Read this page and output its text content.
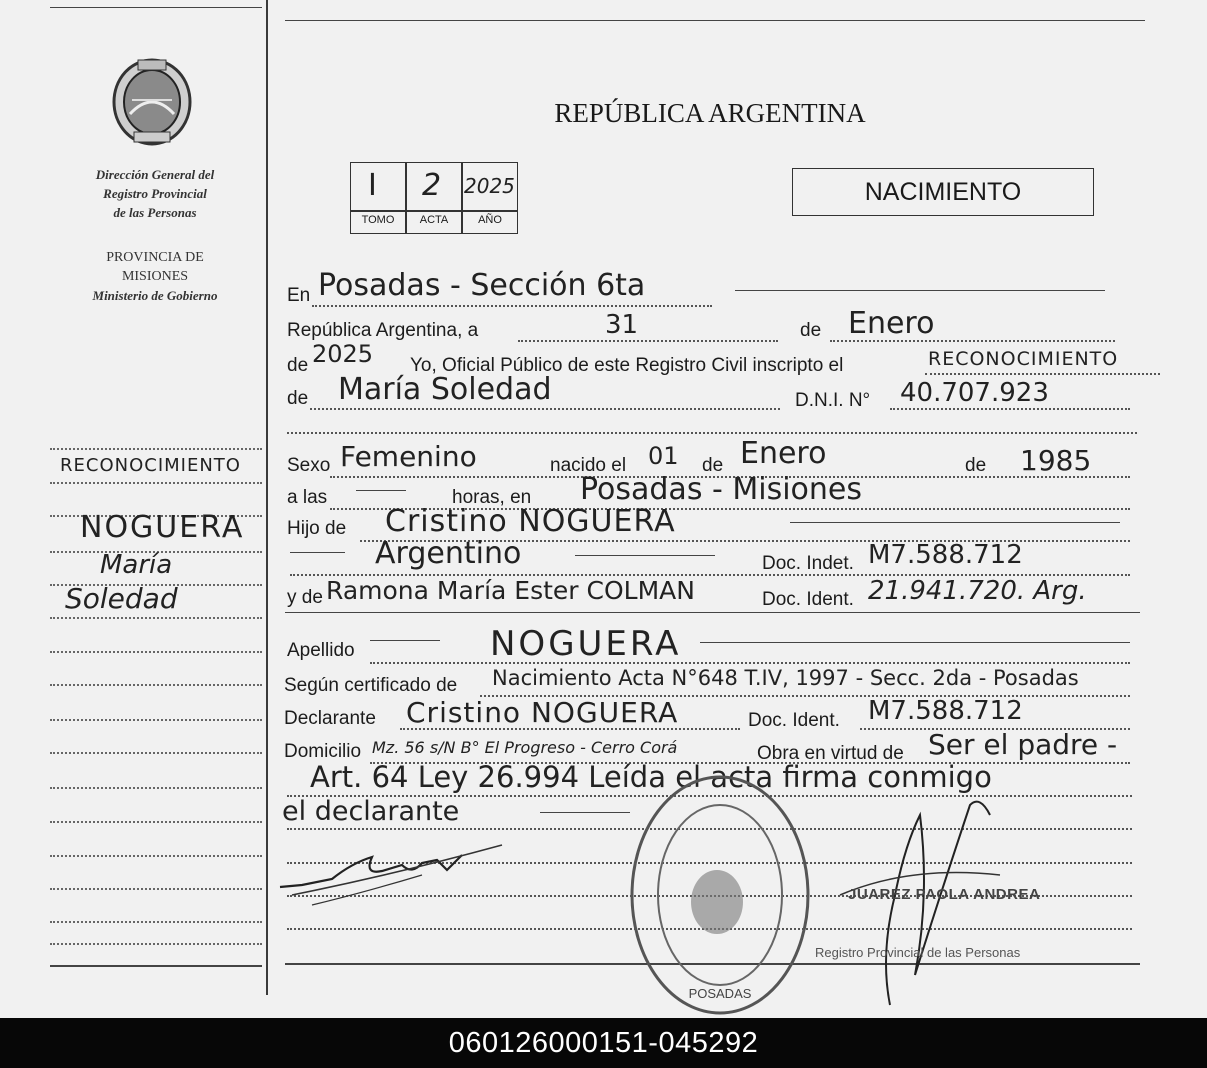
Dirección General del
Registro Provincial
de las Personas
PROVINCIA DE
MISIONES
Ministerio de Gobierno
RECONOCIMIENTO
NOGUERA
María
Soledad
REPÚBLICA ARGENTINA
I 2 2025
TOMO	ACTA	AÑO
NACIMIENTO
En Posadas - Sección 6ta
República Argentina, a	31	de Enero
de 2025 Yo, Oficial Público de este Registro Civil inscripto el	RECONOCIMIENTO
de María Soledad	D.N.I. N° 40.707.923
Sexo Femenino	nacido el 01 de Enero	de 1985
a las	horas, en Posadas - Misiones
Hijo de Cristino NOGUERA
Argentino	Doc. Indet. M7.588.712
y de Ramona María Ester COLMAN	Doc. Ident. 21.941.720. Arg.
Apellido	NOGUERA
Según certificado de Nacimiento Acta N°648 T.IV, 1997 - Secc. 2da - Posadas
Declarante Cristino NOGUERA	Doc. Ident. M7.588.712
Domicilio Mz. 56 s/N B° El Progreso - Cerro Corá	Obra en virtud de Ser el padre -
Art. 64 Ley 26.994 Leída el acta firma conmigo
el declarante
POSADAS
JUAREZ PAOLA ANDREA
Registro Provincial de las Personas
060126000151-045292
